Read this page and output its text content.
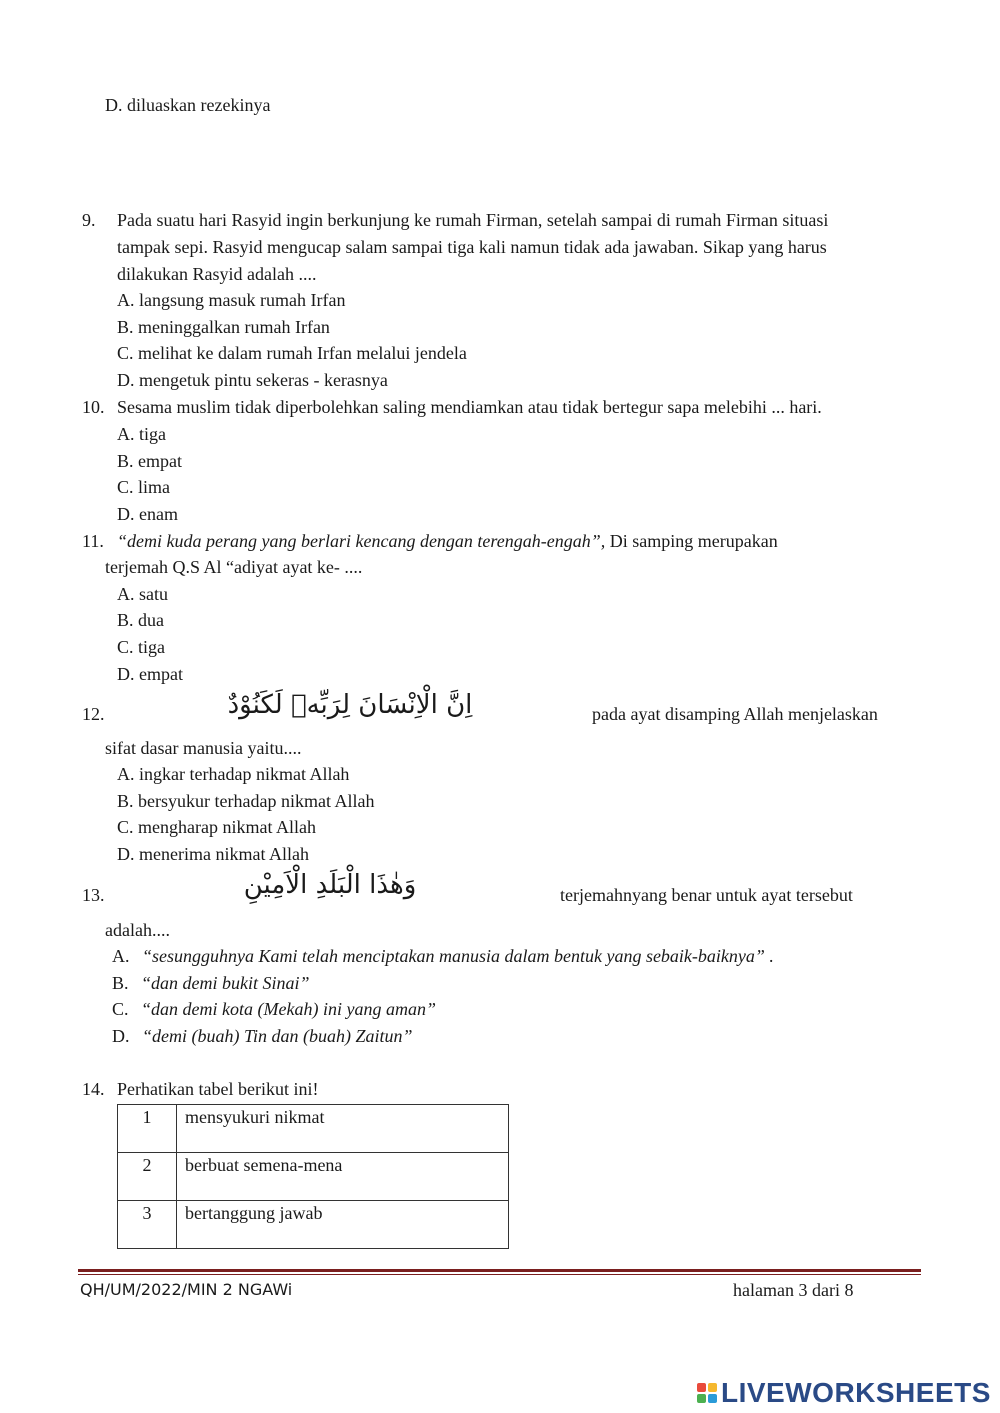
D. diluaskan rezekinya
9. Pada suatu hari Rasyid ingin berkunjung ke rumah Firman, setelah sampai di rumah Firman situasi
tampak sepi. Rasyid mengucap salam sampai tiga kali namun tidak ada jawaban. Sikap yang harus
dilakukan Rasyid adalah ....
A. langsung masuk rumah Irfan
B. meninggalkan rumah Irfan
C. melihat ke dalam rumah Irfan melalui jendela
D. mengetuk pintu sekeras - kerasnya
10. Sesama muslim tidak diperbolehkan saling mendiamkan atau tidak bertegur sapa melebihi ... hari.
A. tiga
B. empat
C. lima
D. enam
11. “demi kuda perang yang berlari kencang dengan terengah-engah”, Di samping merupakan
terjemah Q.S Al “adiyat ayat ke- ....
A. satu
B. dua
C. tiga
D. empat
12.	اِنَّ الْاِنْسَانَ لِرَبِّهٖ لَكَنُوْدٌ	pada ayat disamping Allah menjelaskan
sifat dasar manusia yaitu....
A. ingkar terhadap nikmat Allah
B. bersyukur terhadap nikmat Allah
C. mengharap nikmat Allah
D. menerima nikmat Allah
13.	وَهٰذَا الْبَلَدِ الْاَمِيْنِ	terjemahnyang benar untuk ayat tersebut
adalah....
A. “sesungguhnya Kami telah menciptakan manusia dalam bentuk yang sebaik-baiknya” .
B. “dan demi bukit Sinai”
C. “dan demi kota (Mekah) ini yang aman”
D. “demi (buah) Tin dan (buah) Zaitun”
14. Perhatikan tabel berikut ini!
1	mensyukuri nikmat
2	berbuat semena-mena
3	bertanggung jawab
QH/UM/2022/MIN 2 NGAWi	halaman 3 dari 8
LIVEWORKSHEETS
